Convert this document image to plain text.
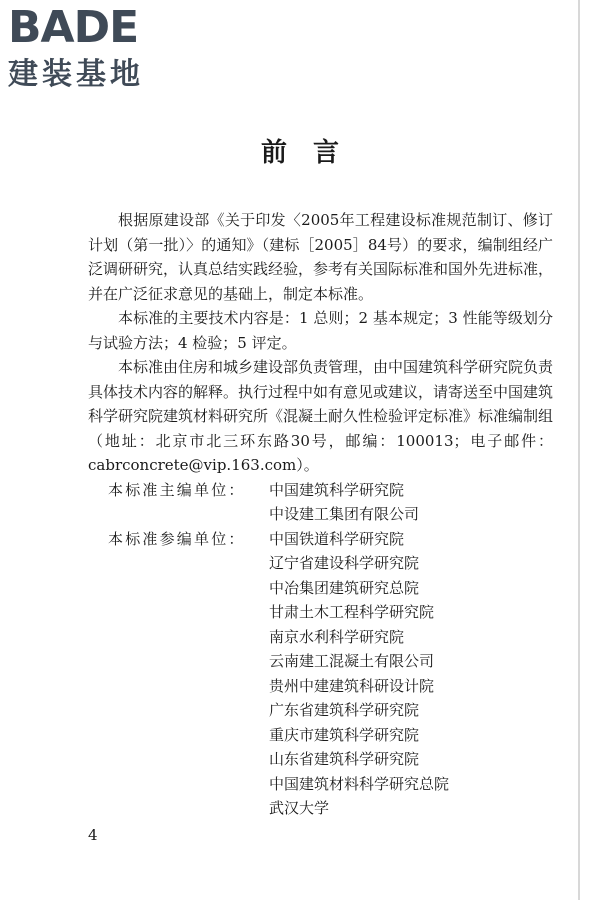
BADE
建装基地
前言

根据原建设部《关于印发〈2005年工程建设标准规范制订、修订计划（第一批）〉的通知》（建标［2005］84号）的要求，编制组经广泛调研研究，认真总结实践经验，参考有关国际标准和国外先进标准，并在广泛征求意见的基础上，制定本标准。

本标准的主要技术内容是：1 总则；2 基本规定；3 性能等级划分与试验方法；4 检验；5 评定。

本标准由住房和城乡建设部负责管理，由中国建筑科学研究院负责具体技术内容的解释。执行过程中如有意见或建议，请寄送至中国建筑科学研究院建筑材料研究所《混凝土耐久性检验评定标准》标准编制组（地址：北京市北三环东路30号，邮编：100013；电子邮件：cabrconcrete@vip.163.com）。

本标准主编单位：	中国建筑科学研究院
中设建工集团有限公司
本标准参编单位：	中国铁道科学研究院
辽宁省建设科学研究院
中冶集团建筑研究总院
甘肃土木工程科学研究院
南京水利科学研究院
云南建工混凝土有限公司
贵州中建建筑科研设计院
广东省建筑科学研究院
重庆市建筑科学研究院
山东省建筑科学研究院
中国建筑材料科学研究总院
武汉大学
4
